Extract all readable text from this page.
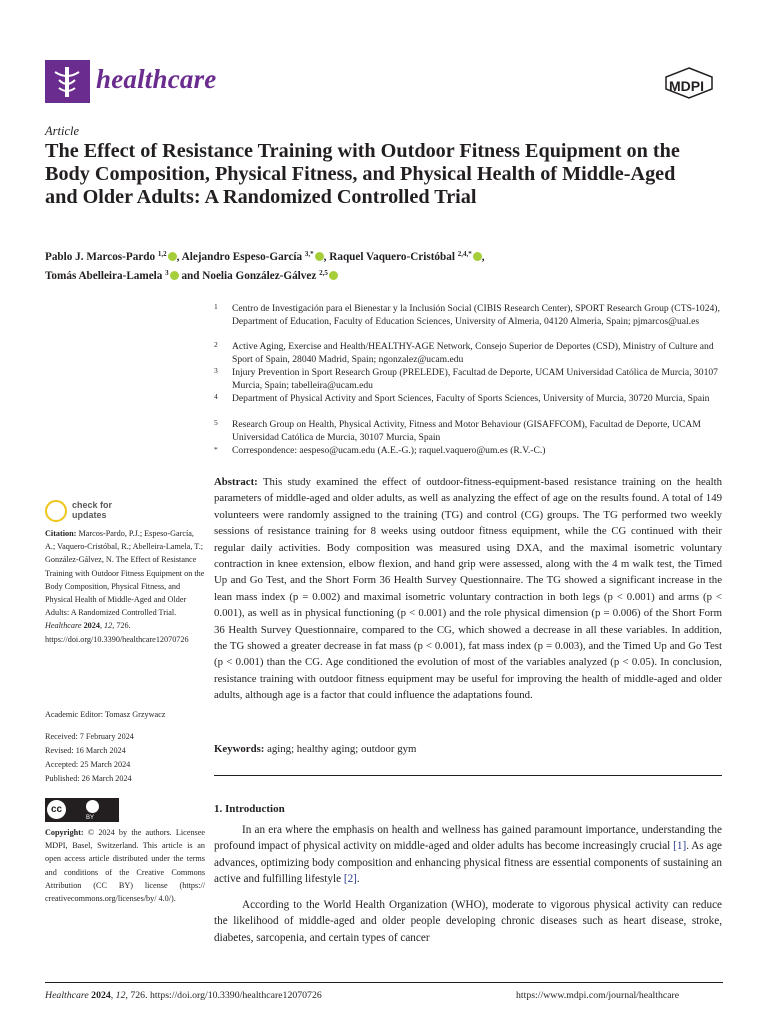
healthcare	MDPI
Article
The Effect of Resistance Training with Outdoor Fitness Equipment on the Body Composition, Physical Fitness, and Physical Health of Middle-Aged and Older Adults: A Randomized Controlled Trial
Pablo J. Marcos-Pardo $^{1,2}$ , Alejandro Espeso-García $^{3,*}$ , Raquel Vaquero-Cristóbal $^{2,4,*}$ ,
Tomás Abelleira-Lamela $^3$ and Noelia González-Gálvez $^{2,5}$
1 Centro de Investigación para el Bienestar y la Inclusión Social (CIBIS Research Center), SPORT Research Group (CTS-1024), Department of Education, Faculty of Education Sciences, University of Almeria, 04120 Almeria, Spain; pjmarcos@ual.es
2 Active Aging, Exercise and Health/HEALTHY-AGE Network, Consejo Superior de Deportes (CSD), Ministry of Culture and Sport of Spain, 28040 Madrid, Spain; ngonzalez@ucam.edu
3 Injury Prevention in Sport Research Group (PRELEDE), Facultad de Deporte, UCAM Universidad Católica de Murcia, 30107 Murcia, Spain; tabelleira@ucam.edu
4 Department of Physical Activity and Sport Sciences, Faculty of Sports Sciences, University of Murcia, 30720 Murcia, Spain
5 Research Group on Health, Physical Activity, Fitness and Motor Behaviour (GISAFFCOM), Facultad de Deporte, UCAM Universidad Católica de Murcia, 30107 Murcia, Spain
* Correspondence: aespeso@ucam.edu (A.E.-G.); raquel.vaquero@um.es (R.V.-C.)
Abstract: This study examined the effect of outdoor-fitness-equipment-based resistance training on the health parameters of middle-aged and older adults, as well as analyzing the effect of age on the results found. A total of 149 volunteers were randomly assigned to the training (TG) and control (CG) groups. The TG performed two weekly sessions of resistance training for 8 weeks using outdoor fitness equipment, while the CG continued with their regular daily activities. Body composition was measured using DXA, and the maximal isometric voluntary contraction in knee extension, elbow flexion, and hand grip were assessed, along with the 4 m walk test, the Timed Up and Go Test, and the Short Form 36 Health Survey Questionnaire. The TG showed a significant increase in the lean mass index (p = 0.002) and maximal isometric voluntary contraction in both legs (p < 0.001) and arms (p < 0.001), as well as in physical functioning (p < 0.001) and the role physical dimension (p = 0.006) of the Short Form 36 Health Survey Questionnaire, compared to the CG, which showed a decrease in all these variables. In addition, the TG showed a greater decrease in fat mass (p < 0.001), fat mass index (p = 0.003), and the Timed Up and Go Test (p < 0.001) than the CG. Age conditioned the evolution of most of the variables analyzed (p < 0.05). In conclusion, resistance training with outdoor fitness equipment may be useful for improving the health of middle-aged and older adults, although age is a factor that could influence the adaptations found.
Keywords: aging; healthy aging; outdoor gym
1. Introduction
In an era where the emphasis on health and wellness has gained paramount importance, understanding the profound impact of physical activity on middle-aged and older adults has become increasingly crucial [1]. As age advances, optimizing body composition and enhancing physical fitness are essential components of sustaining an active and fulfilling lifestyle [2].
According to the World Health Organization (WHO), moderate to vigorous physical activity can reduce the likelihood of middle-aged and older people developing chronic diseases such as heart disease, stroke, diabetes, sarcopenia, and certain types of cancer
check for
updates
Citation: Marcos-Pardo, P.J.; Espeso-García, A.; Vaquero-Cristóbal, R.; Abelleira-Lamela, T.; González-Gálvez, N. The Effect of Resistance Training with Outdoor Fitness Equipment on the Body Composition, Physical Fitness, and Physical Health of Middle-Aged and Older Adults: A Randomized Controlled Trial. Healthcare 2024, 12, 726. https://doi.org/10.3390/healthcare12070726
Academic Editor: Tomasz Grzywacz
Received: 7 February 2024
Revised: 16 March 2024
Accepted: 25 March 2024
Published: 26 March 2024
cc
BY
Copyright: © 2024 by the authors. Licensee MDPI, Basel, Switzerland. This article is an open access article distributed under the terms and conditions of the Creative Commons Attribution (CC BY) license (https:// creativecommons.org/licenses/by/ 4.0/).
Healthcare 2024, 12, 726. https://doi.org/10.3390/healthcare12070726	https://www.mdpi.com/journal/healthcare
